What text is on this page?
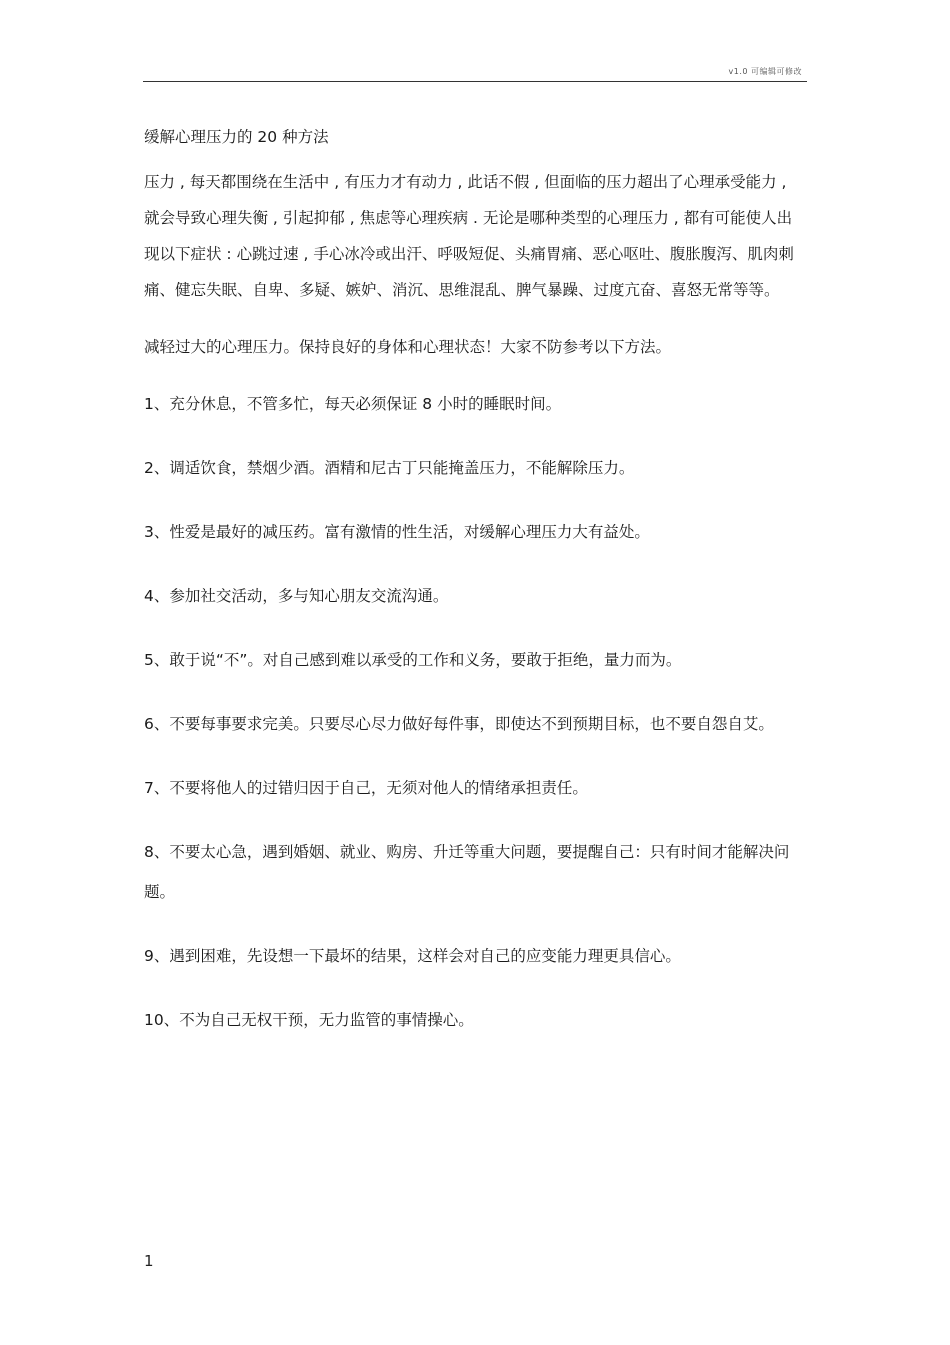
v1.0 可编辑可修改
缓解心理压力的 20 种方法

压力 , 每天都围绕在生活中 , 有压力才有动力 , 此话不假 , 但面临的压力超出了心理承受能力 , 就会导致心理失衡 , 引起抑郁 , 焦虑等心理疾病 . 无论是哪种类型的心理压力 , 都有可能使人出现以下症状 : 心跳过速 , 手心冰冷或出汗、呼吸短促、头痛胃痛、恶心呕吐、腹胀腹泻、肌肉刺痛、健忘失眠、自卑、多疑、嫉妒、消沉、思维混乱、脾气暴躁、过度亢奋、喜怒无常等等。

减轻过大的心理压力。保持良好的身体和心理状态！大家不防参考以下方法。

1、充分休息，不管多忙，每天必须保证 8 小时的睡眠时间。
2、调适饮食，禁烟少酒。酒精和尼古丁只能掩盖压力，不能解除压力。
3、性爱是最好的减压药。富有激情的性生活，对缓解心理压力大有益处。
4、参加社交活动，多与知心朋友交流沟通。
5、敢于说“不”。对自己感到难以承受的工作和义务，要敢于拒绝，量力而为。
6、不要每事要求完美。只要尽心尽力做好每件事，即使达不到预期目标，也不要自怨自艾。
7、不要将他人的过错归因于自己，无须对他人的情绪承担责任。
8、不要太心急，遇到婚姻、就业、购房、升迁等重大问题，要提醒自己：只有时间才能解决问题。
9、遇到困难，先设想一下最坏的结果，这样会对自己的应变能力理更具信心。
10、不为自己无权干预，无力监管的事情操心。
1
